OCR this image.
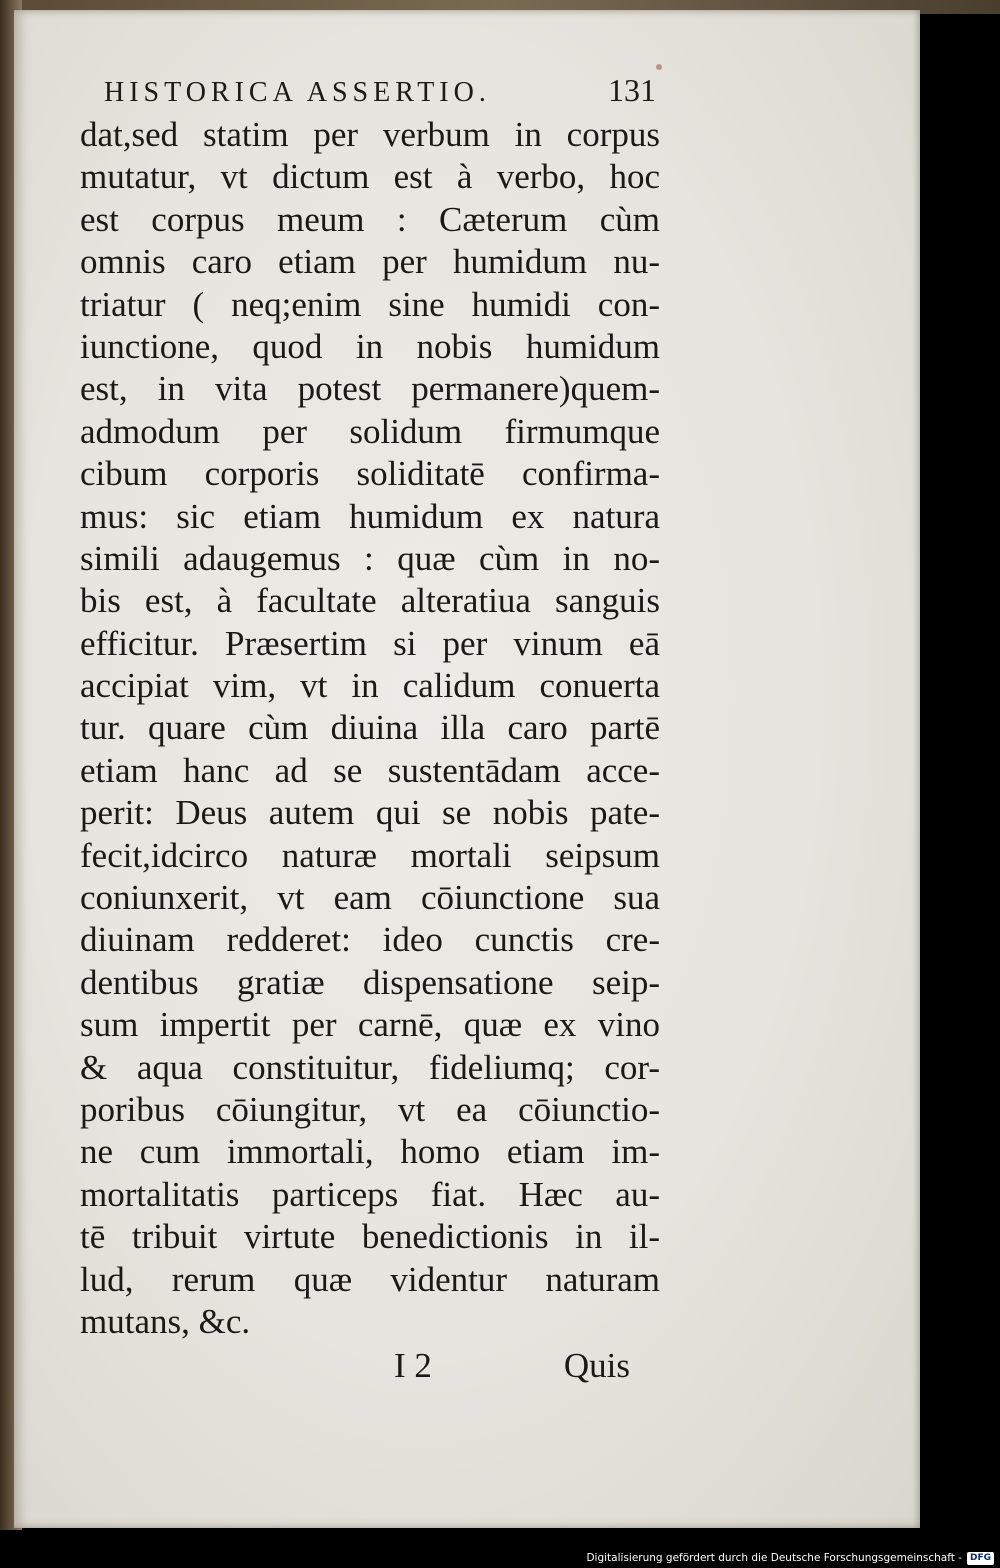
HISTORICA ASSERTIO.	131
dat,sed statim per verbum in corpus
mutatur, vt dictum est à verbo, hoc
est corpus meum : Cæterum cùm
omnis caro etiam per humidum nu-
triatur ( neq;enim sine humidi con-
iunctione, quod in nobis humidum
est, in vita potest permanere)quem-
admodum per solidum firmumque
cibum corporis soliditatē confirma-
mus: sic etiam humidum ex natura
simili adaugemus : quæ cùm in no-
bis est, à facultate alteratiua sanguis
efficitur. Præsertim si per vinum eā
accipiat vim, vt in calidum conuerta
tur. quare cùm diuina illa caro partē
etiam hanc ad se sustentādam acce-
perit: Deus autem qui se nobis pate-
fecit,idcirco naturæ mortali seipsum
coniunxerit, vt eam cōiunctione sua
diuinam redderet: ideo cunctis cre-
dentibus gratiæ dispensatione seip-
sum impertit per carnē, quæ ex vino
& aqua constituitur, fideliumq; cor-
poribus cōiungitur, vt ea cōiunctio-
ne cum immortali, homo etiam im-
mortalitatis particeps fiat. Hæc au-
tē tribuit virtute benedictionis in il-
lud, rerum quæ videntur naturam
mutans, &c.
I 2	Quis
Digitalisierung gefördert durch die Deutsche Forschungsgemeinschaft - DFG
